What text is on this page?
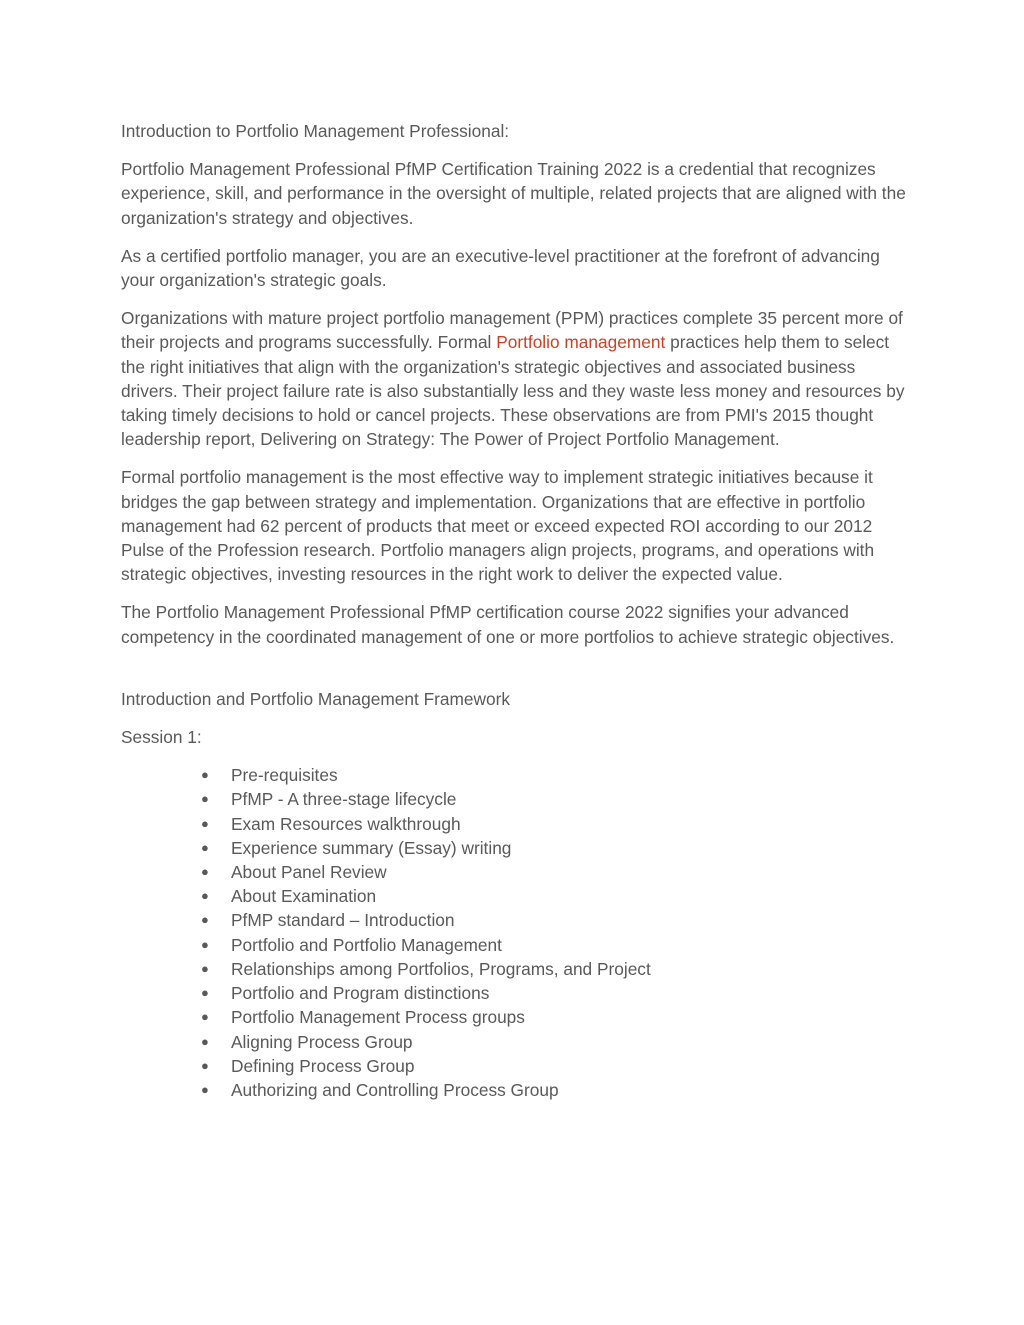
Introduction to Portfolio Management Professional:

Portfolio Management Professional PfMP Certification Training 2022 is a credential that recognizes experience, skill, and performance in the oversight of multiple, related projects that are aligned with the organization's strategy and objectives.

As a certified portfolio manager, you are an executive-level practitioner at the forefront of advancing your organization's strategic goals.

Organizations with mature project portfolio management (PPM) practices complete 35 percent more of their projects and programs successfully. Formal Portfolio management practices help them to select the right initiatives that align with the organization's strategic objectives and associated business drivers. Their project failure rate is also substantially less and they waste less money and resources by taking timely decisions to hold or cancel projects. These observations are from PMI's 2015 thought leadership report, Delivering on Strategy: The Power of Project Portfolio Management.

Formal portfolio management is the most effective way to implement strategic initiatives because it bridges the gap between strategy and implementation. Organizations that are effective in portfolio management had 62 percent of products that meet or exceed expected ROI according to our 2012 Pulse of the Profession research. Portfolio managers align projects, programs, and operations with strategic objectives, investing resources in the right work to deliver the expected value.

The Portfolio Management Professional PfMP certification course 2022 signifies your advanced competency in the coordinated management of one or more portfolios to achieve strategic objectives.

Introduction and Portfolio Management Framework

Session 1:

● Pre-requisites
● PfMP - A three-stage lifecycle
● Exam Resources walkthrough
● Experience summary (Essay) writing
● About Panel Review
● About Examination
● PfMP standard – Introduction
● Portfolio and Portfolio Management
● Relationships among Portfolios, Programs, and Project
● Portfolio and Program distinctions
● Portfolio Management Process groups
● Aligning Process Group
● Defining Process Group
● Authorizing and Controlling Process Group
